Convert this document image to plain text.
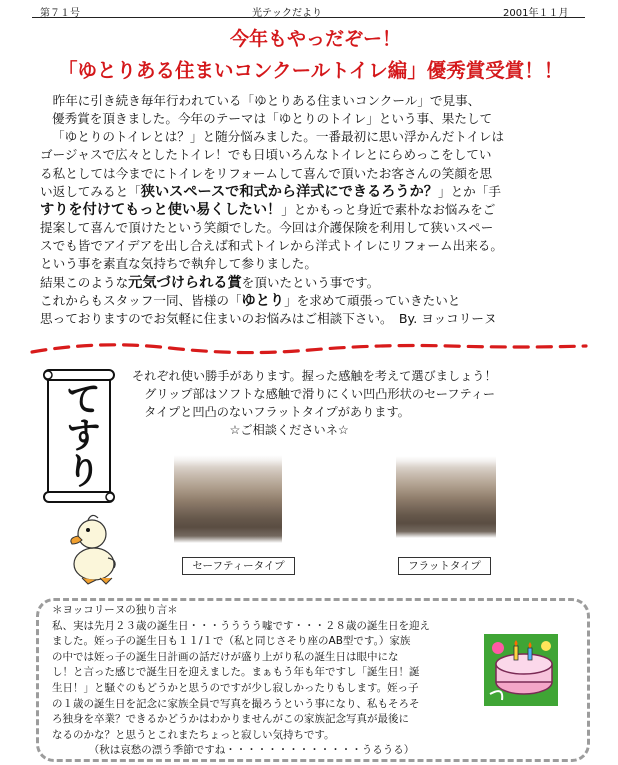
第７１号	光テックだより	2001年１１月
今年もやっだぞー！
「ゆとりある住まいコンクールトイレ編」優秀賞受賞！！

　昨年に引き続き毎年行われている「ゆとりある住まいコンクール」で見事、

優秀賞を頂きました。今年のテーマは「ゆとりのトイレ」という事、果たして

「ゆとりのトイレとは？」と随分悩みました。一番最初に思い浮かんだトイレは

ゴージャスで広々としたトイレ！でも日頃いろんなトイレとにらめっこをしてい

る私としては今までにトイレをリフォームして喜んで頂いたお客さんの笑顔を思

い返してみると「狭いスペースで和式から洋式にできるろうか？」とか「手

すりを付けてもっと使い易くしたい！」とかもっと身近で素朴なお悩みをご

提案して喜んで頂けたという笑顔でした。今回は介護保険を利用して狭いスペー

スでも皆でアイデアを出し合えば和式トイレから洋式トイレにリフォーム出来る。

という事を素直な気持ちで執弁して参りました。

結果このような元気づけられる賞を頂いたという事です。

これからもスタッフ一同、皆様の「ゆとり」を求めて頑張っていきたいと

思っておりますのでお気軽に住まいのお悩みはご相談下さい。　By. ヨッコリーヌ

てすり
それぞれ使い勝手があります。握った感触を考えて選びましょう！
　グリップ部はソフトな感触で滑りにくい凹凸形状のセーフティー
　タイプと凹凸のないフラットタイプがあります。
　　　　　　　　☆ご相談くださいネ☆
セーフティータイプ	フラットタイプ

＊ヨッコリーヌの独り言＊

私、実は先月２３歳の誕生日・・・うううう嘘です・・・２８歳の誕生日を迎え

ました。姪っ子の誕生日も１１/１で（私と同じさそり座のAB型です。）家族

の中では姪っ子の誕生日計画の話だけが盛り上がり私の誕生日は眼中にな

し！と言った感じで誕生日を迎えました。まぁもう年も年ですし「誕生日！誕

生日！」と騒ぐのもどうかと思うのですが少し寂しかったりもします。姪っ子

の１歳の誕生日を記念に家族全員で写真を撮ろうという事になり、私もそろそ

ろ独身を卒業？できるかどうかはわかりませんがこの家族記念写真が最後に

なるのかな？と思うとこれまたちょっと寂しい気持ちです。

　　　　（秋は哀愁の漂う季節ですね・・・・・・・・・・・・・うるうる）
